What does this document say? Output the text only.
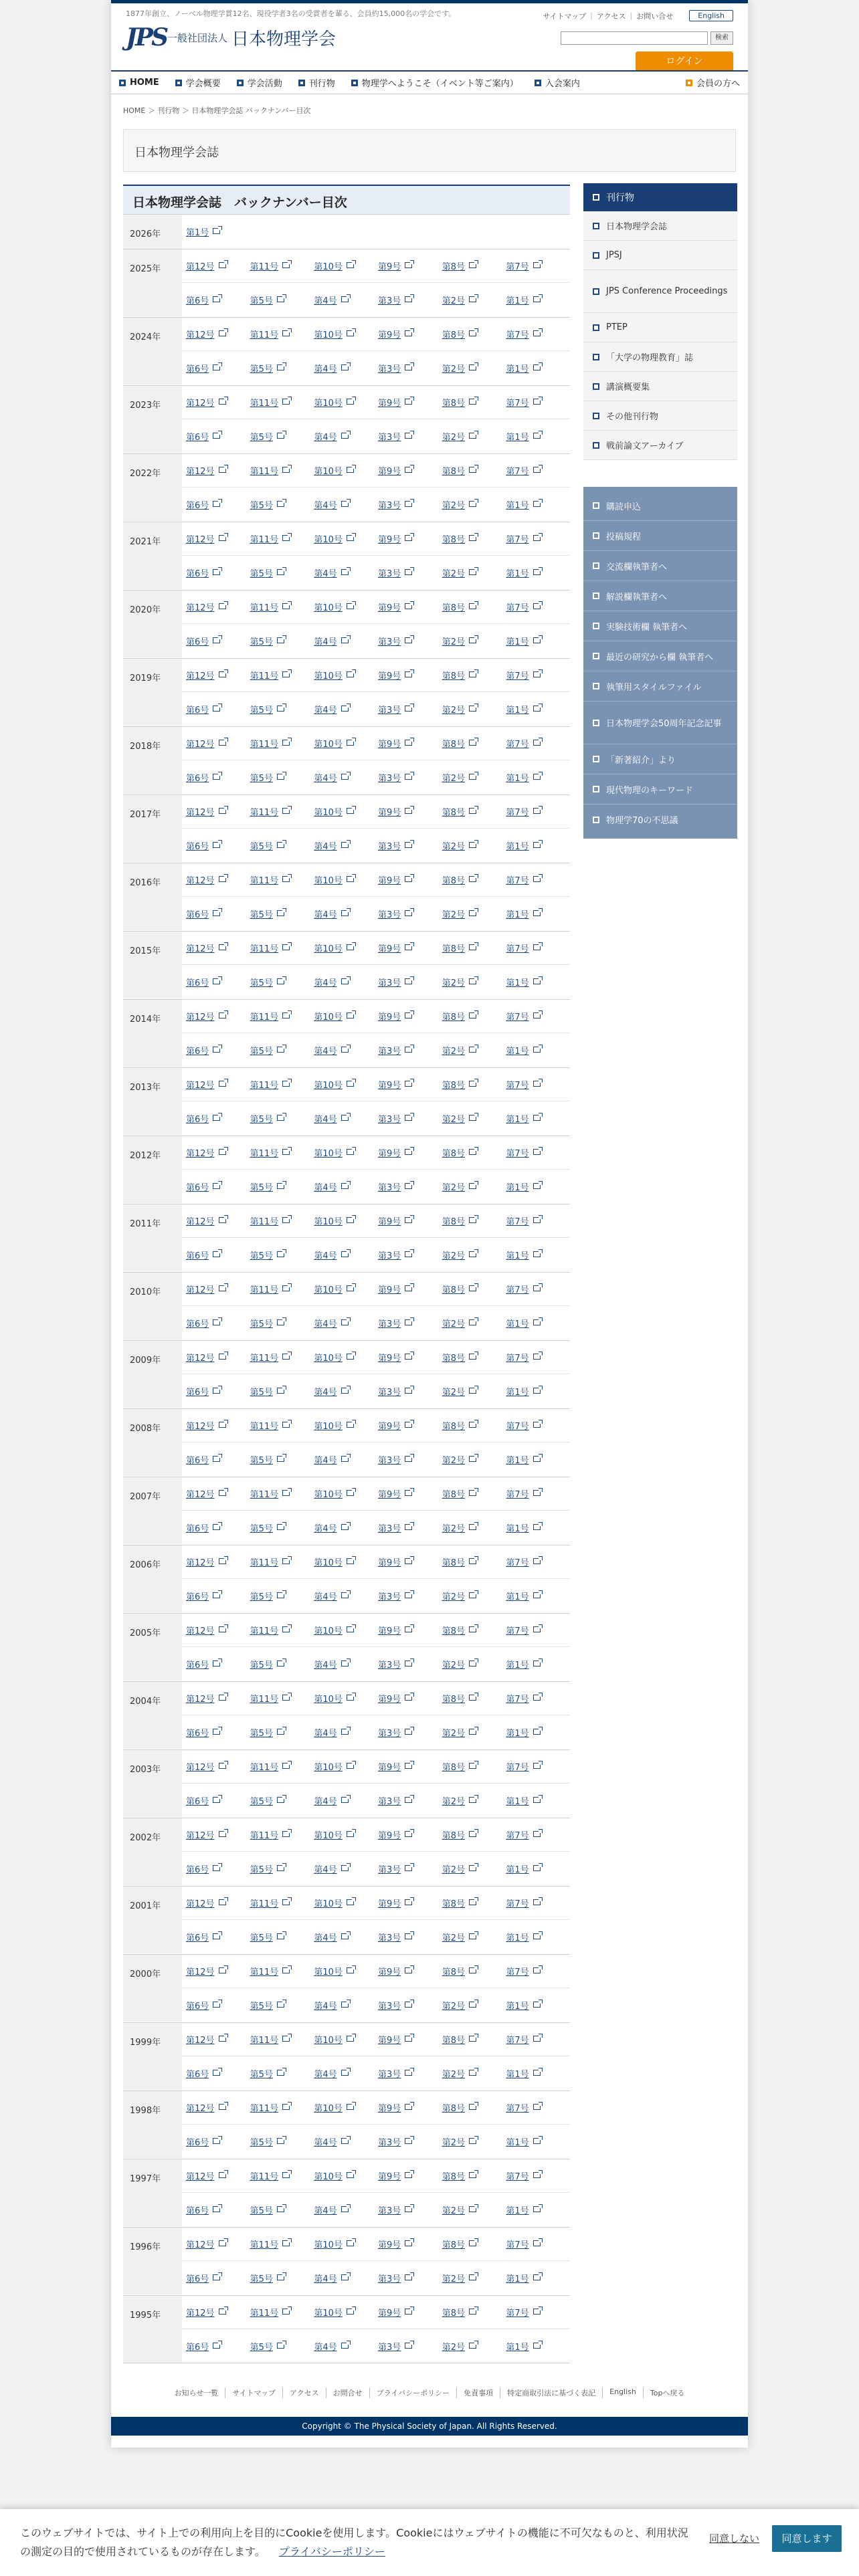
1877年創立、ノーベル物理学賞12名、現役学者3名の受賞者を輩る、会員約15,000名の学会です。
JPS 一般社団法人 日本物理学会
サイトマップ | アクセス | お問い合せ	English
検索
ログイン
HOME	学会概要	学会活動	刊行物	物理学へようこそ（イベント等ご案内）	入会案内	会員の方へ
HOME ＞ 刊行物 ＞ 日本物理学会誌 バックナンバー目次
日本物理学会誌
日本物理学会誌　バックナンバー目次
2026年	第1号
2025年	第12号	第11号	第10号	第9号	第8号	第7号
第6号	第5号	第4号	第3号	第2号	第1号
2024年	第12号	第11号	第10号	第9号	第8号	第7号
第6号	第5号	第4号	第3号	第2号	第1号
2023年	第12号	第11号	第10号	第9号	第8号	第7号
第6号	第5号	第4号	第3号	第2号	第1号
2022年	第12号	第11号	第10号	第9号	第8号	第7号
第6号	第5号	第4号	第3号	第2号	第1号
2021年	第12号	第11号	第10号	第9号	第8号	第7号
第6号	第5号	第4号	第3号	第2号	第1号
2020年	第12号	第11号	第10号	第9号	第8号	第7号
第6号	第5号	第4号	第3号	第2号	第1号
2019年	第12号	第11号	第10号	第9号	第8号	第7号
第6号	第5号	第4号	第3号	第2号	第1号
2018年	第12号	第11号	第10号	第9号	第8号	第7号
第6号	第5号	第4号	第3号	第2号	第1号
2017年	第12号	第11号	第10号	第9号	第8号	第7号
第6号	第5号	第4号	第3号	第2号	第1号
2016年	第12号	第11号	第10号	第9号	第8号	第7号
第6号	第5号	第4号	第3号	第2号	第1号
2015年	第12号	第11号	第10号	第9号	第8号	第7号
第6号	第5号	第4号	第3号	第2号	第1号
2014年	第12号	第11号	第10号	第9号	第8号	第7号
第6号	第5号	第4号	第3号	第2号	第1号
2013年	第12号	第11号	第10号	第9号	第8号	第7号
第6号	第5号	第4号	第3号	第2号	第1号
2012年	第12号	第11号	第10号	第9号	第8号	第7号
第6号	第5号	第4号	第3号	第2号	第1号
2011年	第12号	第11号	第10号	第9号	第8号	第7号
第6号	第5号	第4号	第3号	第2号	第1号
2010年	第12号	第11号	第10号	第9号	第8号	第7号
第6号	第5号	第4号	第3号	第2号	第1号
2009年	第12号	第11号	第10号	第9号	第8号	第7号
第6号	第5号	第4号	第3号	第2号	第1号
2008年	第12号	第11号	第10号	第9号	第8号	第7号
第6号	第5号	第4号	第3号	第2号	第1号
2007年	第12号	第11号	第10号	第9号	第8号	第7号
第6号	第5号	第4号	第3号	第2号	第1号
2006年	第12号	第11号	第10号	第9号	第8号	第7号
第6号	第5号	第4号	第3号	第2号	第1号
2005年	第12号	第11号	第10号	第9号	第8号	第7号
第6号	第5号	第4号	第3号	第2号	第1号
2004年	第12号	第11号	第10号	第9号	第8号	第7号
第6号	第5号	第4号	第3号	第2号	第1号
2003年	第12号	第11号	第10号	第9号	第8号	第7号
第6号	第5号	第4号	第3号	第2号	第1号
2002年	第12号	第11号	第10号	第9号	第8号	第7号
第6号	第5号	第4号	第3号	第2号	第1号
2001年	第12号	第11号	第10号	第9号	第8号	第7号
第6号	第5号	第4号	第3号	第2号	第1号
2000年	第12号	第11号	第10号	第9号	第8号	第7号
第6号	第5号	第4号	第3号	第2号	第1号
1999年	第12号	第11号	第10号	第9号	第8号	第7号
第6号	第5号	第4号	第3号	第2号	第1号
1998年	第12号	第11号	第10号	第9号	第8号	第7号
第6号	第5号	第4号	第3号	第2号	第1号
1997年	第12号	第11号	第10号	第9号	第8号	第7号
第6号	第5号	第4号	第3号	第2号	第1号
1996年	第12号	第11号	第10号	第9号	第8号	第7号
第6号	第5号	第4号	第3号	第2号	第1号
1995年	第12号	第11号	第10号	第9号	第8号	第7号
第6号	第5号	第4号	第3号	第2号	第1号
刊行物
日本物理学会誌
JPSJ
JPS Conference Proceedings
PTEP
「大学の物理教育」誌
講演概要集
その他刊行物
戦前論文アーカイブ
購読申込
投稿規程
交流欄執筆者へ
解説欄執筆者へ
実験技術欄 執筆者へ
最近の研究から欄 執筆者へ
執筆用スタイルファイル
日本物理学会50周年記念記事
「新著紹介」より
現代物理のキーワード
物理学70の不思議
お知らせ一覧	サイトマップ	アクセス	お問合せ	プライバシーポリシー	免責事項	特定商取引法に基づく表記	English	Topへ戻る
Copyright © The Physical Society of Japan. All Rights Reserved.
このウェブサイトでは、サイト上での利用向上を目的にCookieを使用します。Cookieにはウェブサイトの機能に不可欠なものと、利用状況
の測定の目的で使用されているものが存在します。 プライバシーポリシー
同意しない	同意します
